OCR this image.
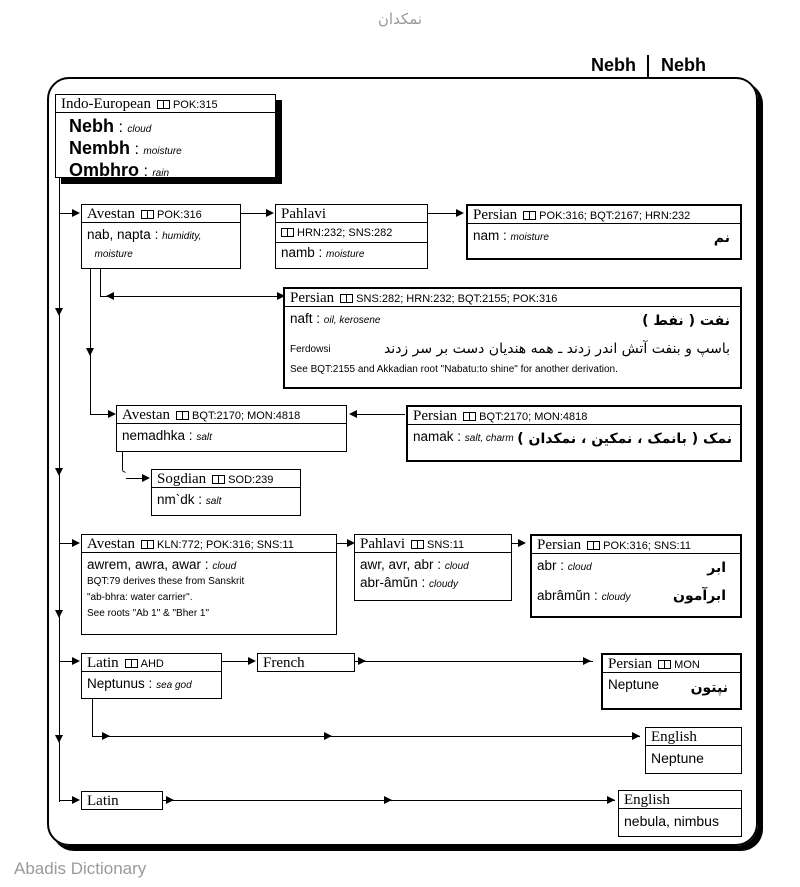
نمکدان
Nebh Nebh
Indo-European POK:315
Nebh : cloud
Nembh : moisture
Ombhro : rain
Avestan POK:316
nab, napta : humidity,
moisture
Pahlavi
HRN:232; SNS:282
namb : moisture
Persian POK:316; BQT:2167; HRN:232
nam : moisture	نم
Persian SNS:282; HRN:232; BQT:2155; POK:316
naft : oil, kerosene	نفت ( نفط )
Ferdowsi	باسپ و بنفت آتش اندر زدند ـ همه هندیان دست بر سر زدند
See BQT:2155 and Akkadian root "Nabatu:to shine" for another derivation.
Avestan BQT:2170; MON:4818
nemadhka : salt
Persian BQT:2170; MON:4818
namak : salt, charm نمک ( بانمک ، نمکین ، نمکدان )
Sogdian SOD:239
nm`dk : salt
Avestan KLN:772; POK:316; SNS:11
awrem, awra, awar : cloud
BQT:79 derives these from Sanskrit
"ab-bhra: water carrier".
See roots "Ab 1" & "Bher 1"
Pahlavi SNS:11
awr, avr, abr : cloud
abr-âmŭn : cloudy
Persian POK:316; SNS:11
abr : cloud	ابر
abrâmŭn : cloudy	ابرآمون
Latin AHD
Neptunus : sea god
French	Persian MON
Neptune نپتون
English
Neptune
Latin	English
nebula, nimbus
Abadis Dictionary
